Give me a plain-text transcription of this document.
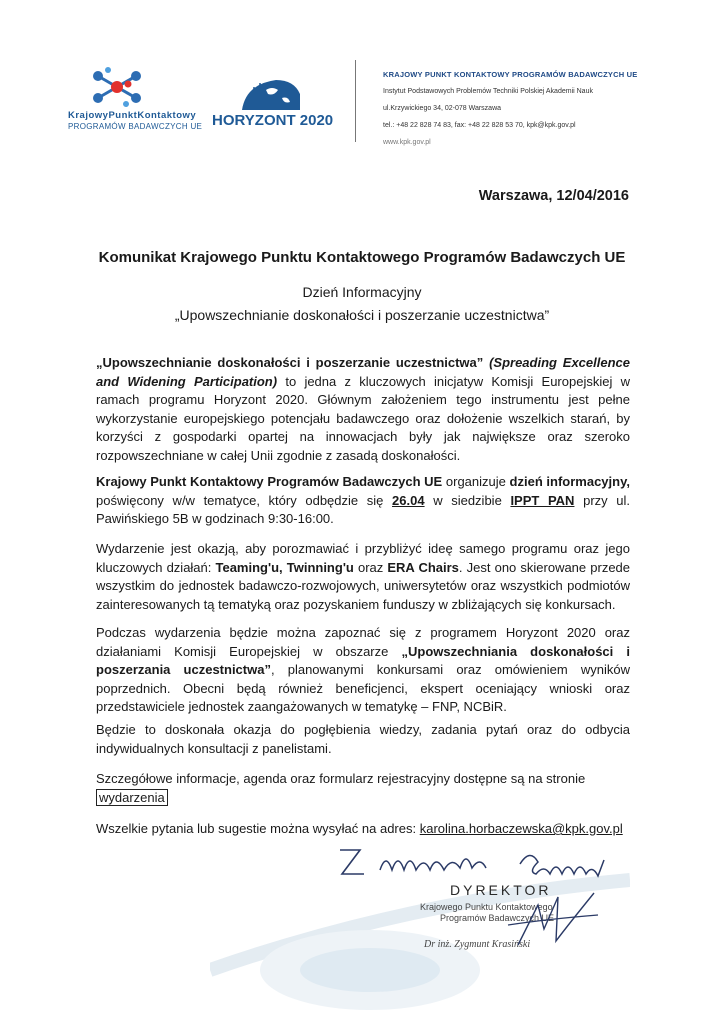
KrajowyPunktKontaktowy
PROGRAMÓW BADAWCZYCH UE HORYZONT 2020
KRAJOWY PUNKT KONTAKTOWY PROGRAMÓW BADAWCZYCH UE
Instytut Podstawowych Problemów Techniki Polskiej Akademii Nauk
ul.Krzywickiego 34, 02-078 Warszawa
tel.: +48 22 828 74 83, fax: +48 22 828 53 70, kpk@kpk.gov.pl
www.kpk.gov.pl
Warszawa, 12/04/2016
Komunikat Krajowego Punktu Kontaktowego Programów Badawczych UE
Dzień Informacyjny
„Upowszechnianie doskonałości i poszerzanie uczestnictwa”
„Upowszechnianie doskonałości i poszerzanie uczestnictwa” (Spreading Excellence and Widening Participation) to jedna z kluczowych inicjatyw Komisji Europejskiej w ramach programu Horyzont 2020. Głównym założeniem tego instrumentu jest pełne wykorzystanie europejskiego potencjału badawczego oraz dołożenie wszelkich starań, by korzyści z gospodarki opartej na innowacjach były jak największe oraz szeroko rozpowszechniane w całej Unii zgodnie z zasadą doskonałości.
Krajowy Punkt Kontaktowy Programów Badawczych UE organizuje dzień informacyjny, poświęcony w/w tematyce, który odbędzie się 26.04 w siedzibie IPPT PAN przy ul. Pawińskiego 5B w godzinach 9:30-16:00.
Wydarzenie jest okazją, aby porozmawiać i przybliżyć ideę samego programu oraz jego kluczowych działań: Teaming'u, Twinning'u oraz ERA Chairs. Jest ono skierowane przede wszystkim do jednostek badawczo-rozwojowych, uniwersytetów oraz wszystkich podmiotów zainteresowanych tą tematyką oraz pozyskaniem funduszy w zbliżających się konkursach.
Podczas wydarzenia będzie można zapoznać się z programem Horyzont 2020 oraz działaniami Komisji Europejskiej w obszarze „Upowszechniania doskonałości i poszerzania uczestnictwa”, planowanymi konkursami oraz omówieniem wyników poprzednich. Obecni będą również beneficjenci, ekspert oceniający wnioski oraz przedstawiciele jednostek zaangażowanych w tematykę – FNP, NCBiR.
Będzie to doskonała okazja do pogłębienia wiedzy, zadania pytań oraz do odbycia indywidualnych konsultacji z panelistami.
Szczegółowe informacje, agenda oraz formularz rejestracyjny dostępne są na stronie
wydarzenia
Wszelkie pytania lub sugestie można wysyłać na adres: karolina.horbaczewska@kpk.gov.pl
DYREKTOR
Krajowego Punktu Kontaktowego
Programów Badawczych UE
Dr inż. Zygmunt Krasiński
